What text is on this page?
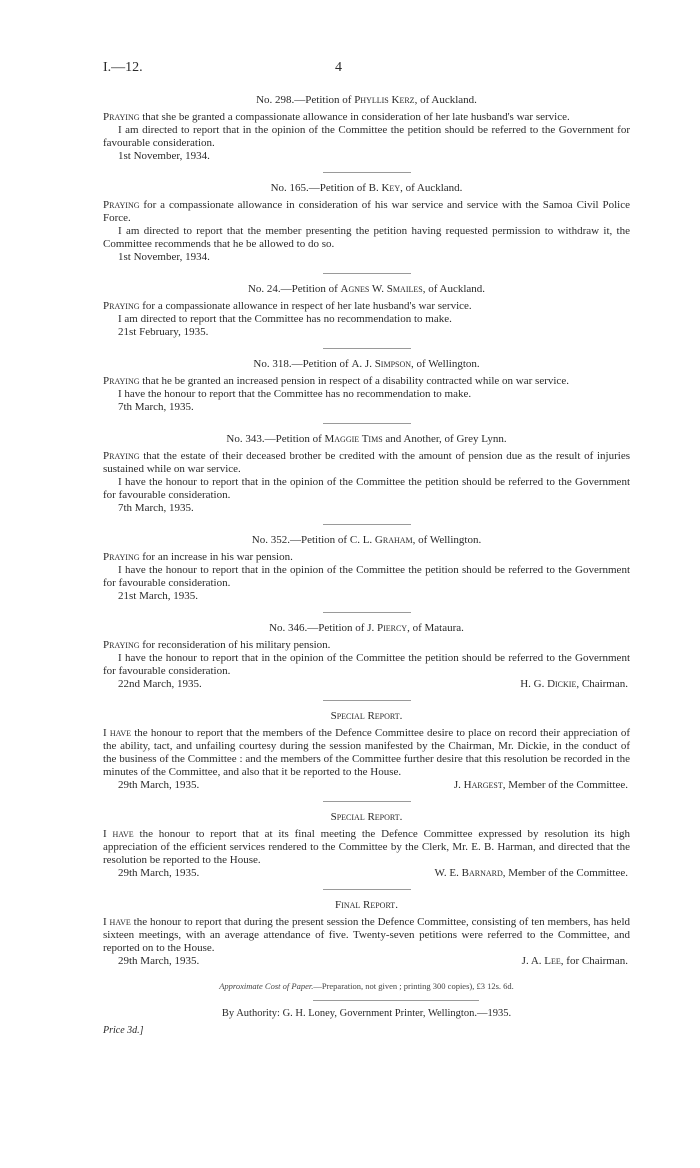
I.—12.	4
No. 298.—Petition of Phyllis Kerz, of Auckland.

Praying that she be granted a compassionate allowance in consideration of her late husband's war service.

I am directed to report that in the opinion of the Committee the petition should be referred to the Government for favourable consideration.

1st November, 1934.
No. 165.—Petition of B. Key, of Auckland.

Praying for a compassionate allowance in consideration of his war service and service with the Samoa Civil Police Force.

I am directed to report that the member presenting the petition having requested permission to withdraw it, the Committee recommends that he be allowed to do so.

1st November, 1934.
No. 24.—Petition of Agnes W. Smailes, of Auckland.

Praying for a compassionate allowance in respect of her late husband's war service.

I am directed to report that the Committee has no recommendation to make.

21st February, 1935.
No. 318.—Petition of A. J. Simpson, of Wellington.

Praying that he be granted an increased pension in respect of a disability contracted while on war service.

I have the honour to report that the Committee has no recommendation to make.

7th March, 1935.
No. 343.—Petition of Maggie Tims and Another, of Grey Lynn.

Praying that the estate of their deceased brother be credited with the amount of pension due as the result of injuries sustained while on war service.

I have the honour to report that in the opinion of the Committee the petition should be referred to the Government for favourable consideration.

7th March, 1935.
No. 352.—Petition of C. L. Graham, of Wellington.

Praying for an increase in his war pension.

I have the honour to report that in the opinion of the Committee the petition should be referred to the Government for favourable consideration.

21st March, 1935.
No. 346.—Petition of J. Piercy, of Mataura.

Praying for reconsideration of his military pension.

I have the honour to report that in the opinion of the Committee the petition should be referred to the Government for favourable consideration.

22nd March, 1935.	H. G. Dickie, Chairman.
Special Report.

I have the honour to report that the members of the Defence Committee desire to place on record their appreciation of the ability, tact, and unfailing courtesy during the session manifested by the Chairman, Mr. Dickie, in the conduct of the business of the Committee : and the members of the Committee further desire that this resolution be recorded in the minutes of the Committee, and also that it be reported to the House.

29th March, 1935.	J. Hargest, Member of the Committee.
Special Report.

I have the honour to report that at its final meeting the Defence Committee expressed by resolution its high appreciation of the efficient services rendered to the Committee by the Clerk, Mr. E. B. Harman, and directed that the resolution be reported to the House.

29th March, 1935.	W. E. Barnard, Member of the Committee.
Final Report.

I have the honour to report that during the present session the Defence Committee, consisting of ten members, has held sixteen meetings, with an average attendance of five. Twenty-seven petitions were referred to the Committee, and reported on to the House.

29th March, 1935.	J. A. Lee, for Chairman.
Approximate Cost of Paper.—Preparation, not given ; printing 300 copies), £3 12s. 6d.
By Authority: G. H. Loney, Government Printer, Wellington.—1935.
Price 3d.]
